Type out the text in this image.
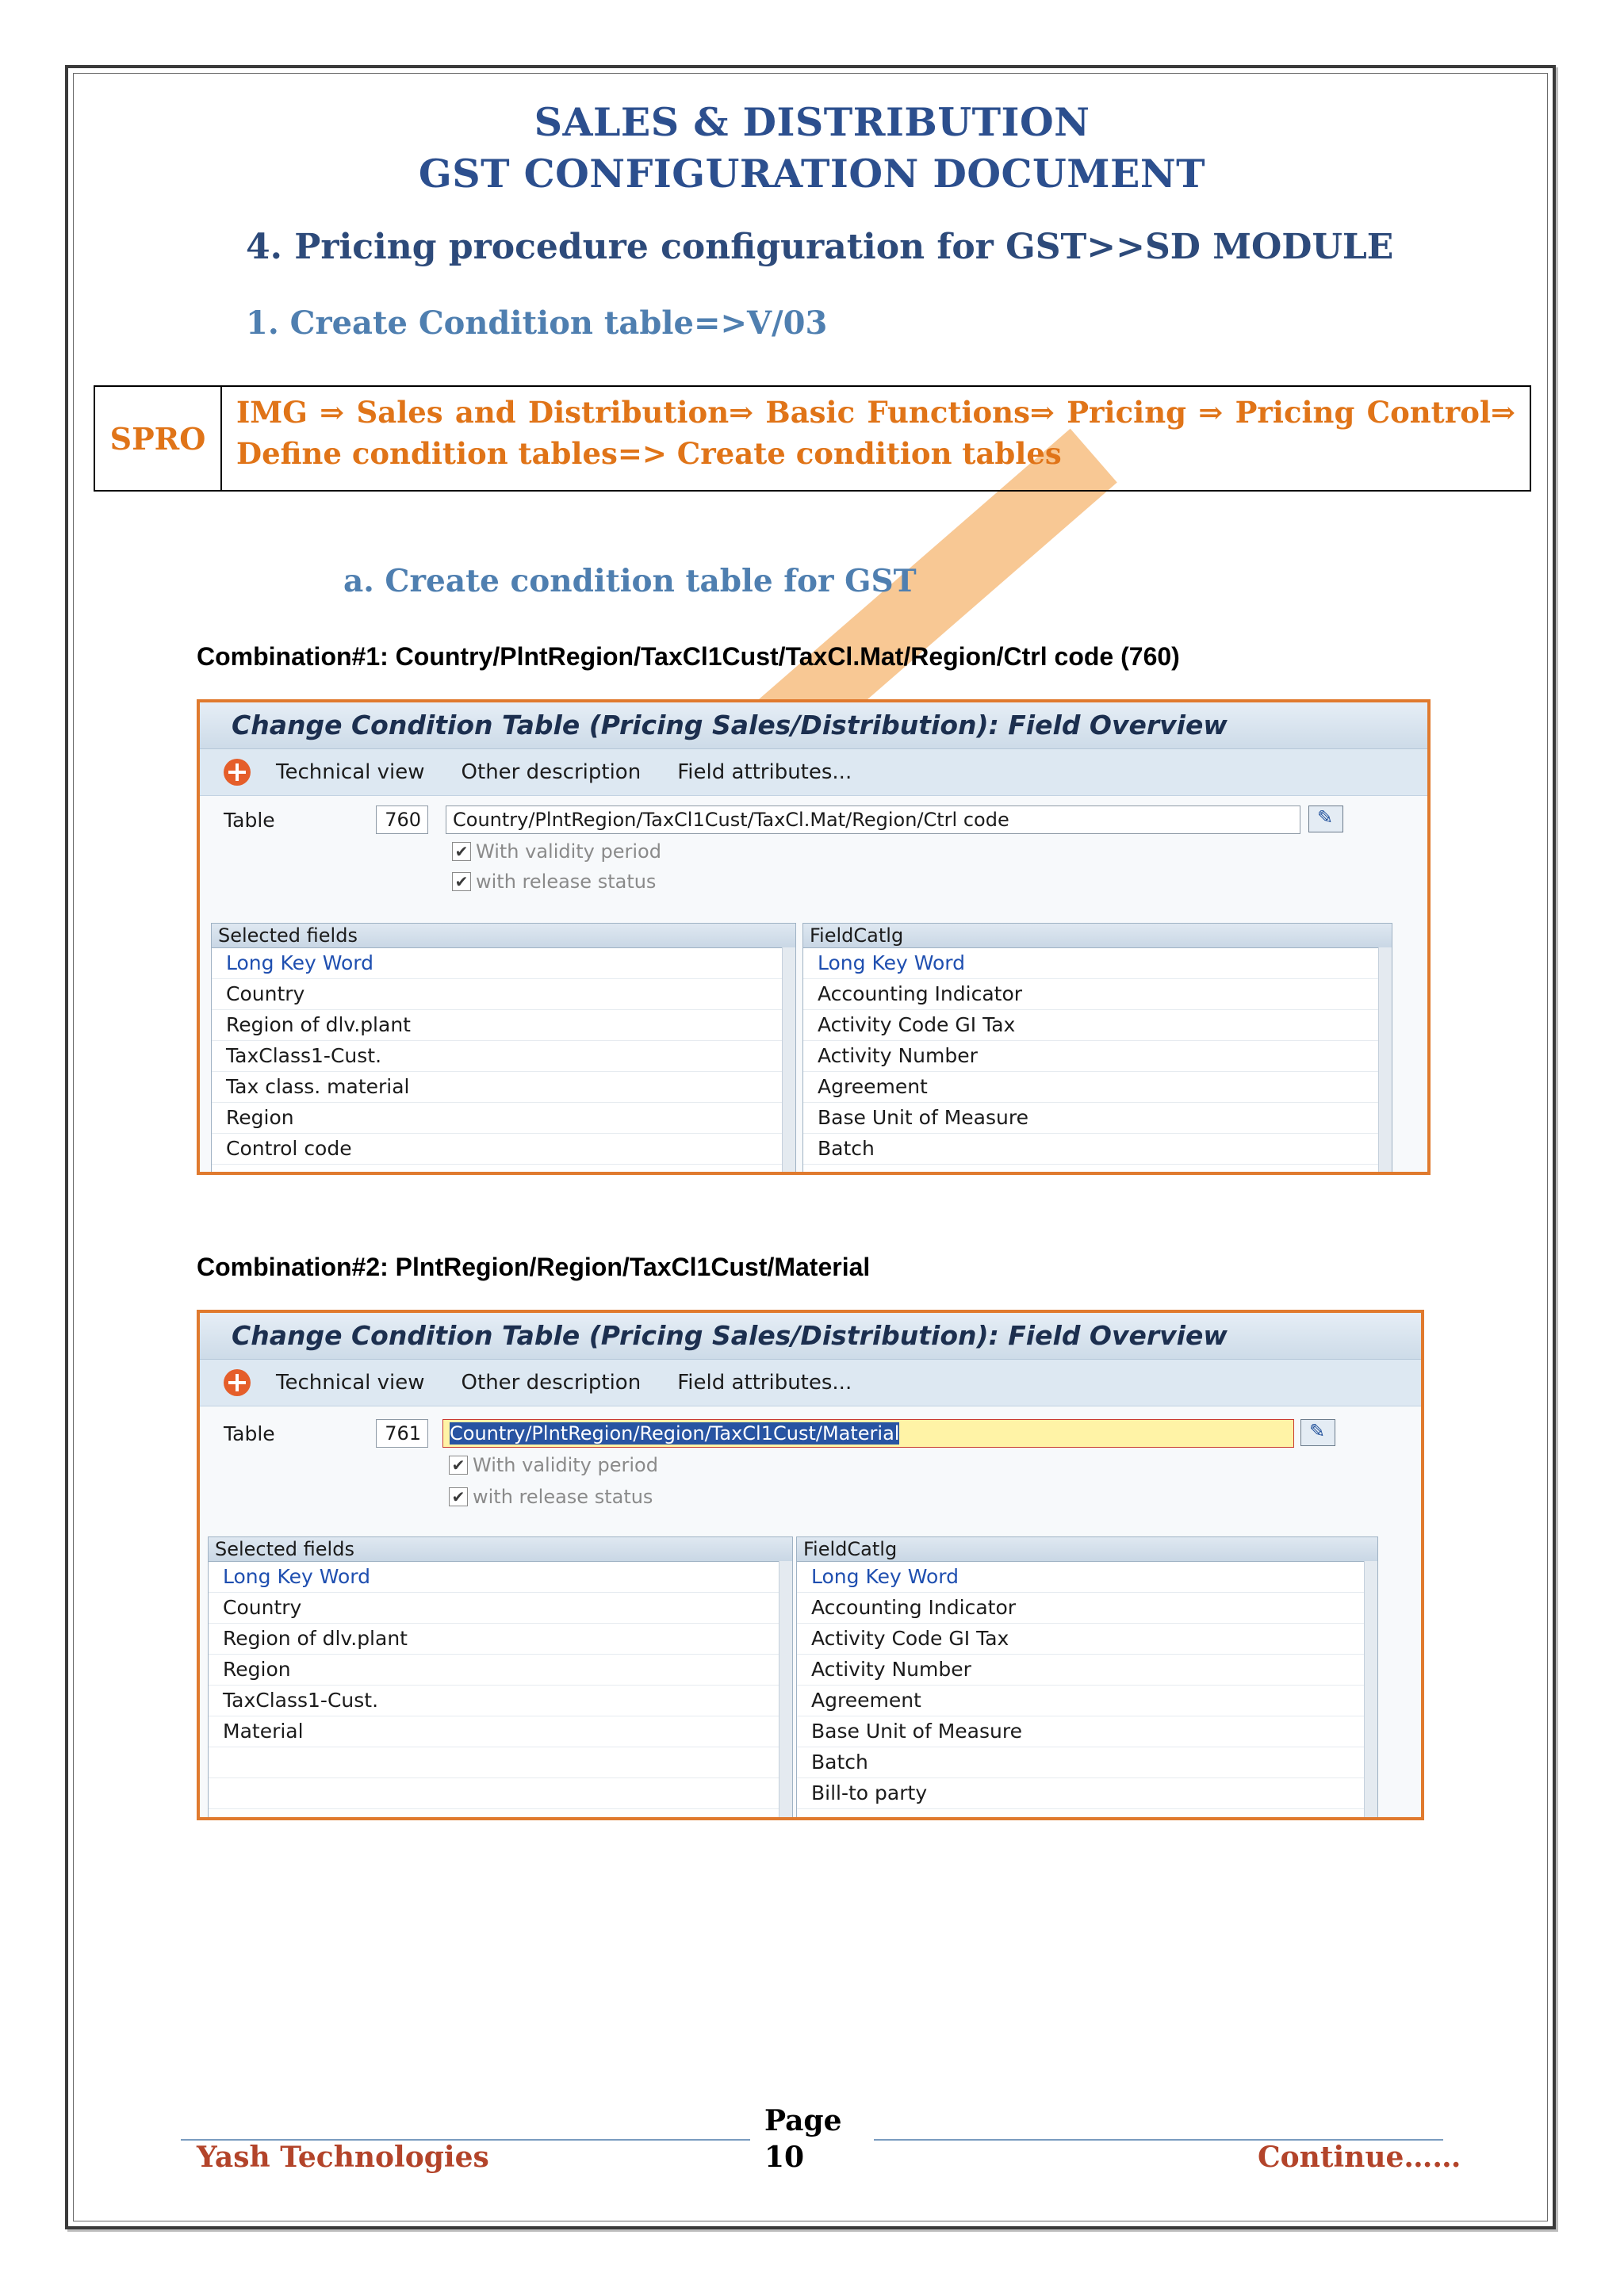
SALES & DISTRIBUTION
GST CONFIGURATION DOCUMENT
4. Pricing procedure configuration for GST>>SD MODULE
1. Create Condition table=>V/03
SPRO
IMG ⇒ Sales and Distribution⇒ Basic Functions⇒ Pricing ⇒ Pricing Control⇒ Define condition tables=> Create condition tables
a. Create condition table for GST
Combination#1: Country/PlntRegion/TaxCl1Cust/TaxCl.Mat/Region/Ctrl code (760)
Change Condition Table (Pricing Sales/Distribution): Field Overview
Technical view Other description Field attributes...
Table	760	Country/PlntRegion/TaxCl1Cust/TaxCl.Mat/Region/Ctrl code
✎
✔ With validity period
✔ with release status
Selected fields
Long Key Word
Country
Region of dlv.plant
TaxClass1-Cust.
Tax class. material
Region
Control code
FieldCatlg
Long Key Word
Accounting Indicator
Activity Code GI Tax
Activity Number
Agreement
Base Unit of Measure
Batch
Combination#2: PlntRegion/Region/TaxCl1Cust/Material
Change Condition Table (Pricing Sales/Distribution): Field Overview
Technical view Other description Field attributes...
Table	761	Country/PlntRegion/Region/TaxCl1Cust/Material
✎
✔ With validity period
✔ with release status
Selected fields
Long Key Word
Country
Region of dlv.plant
Region
TaxClass1-Cust.
Material
FieldCatlg
Long Key Word
Accounting Indicator
Activity Code GI Tax
Activity Number
Agreement
Base Unit of Measure
Batch
Bill-to party
Yash Technologies
Page
10	Continue……
